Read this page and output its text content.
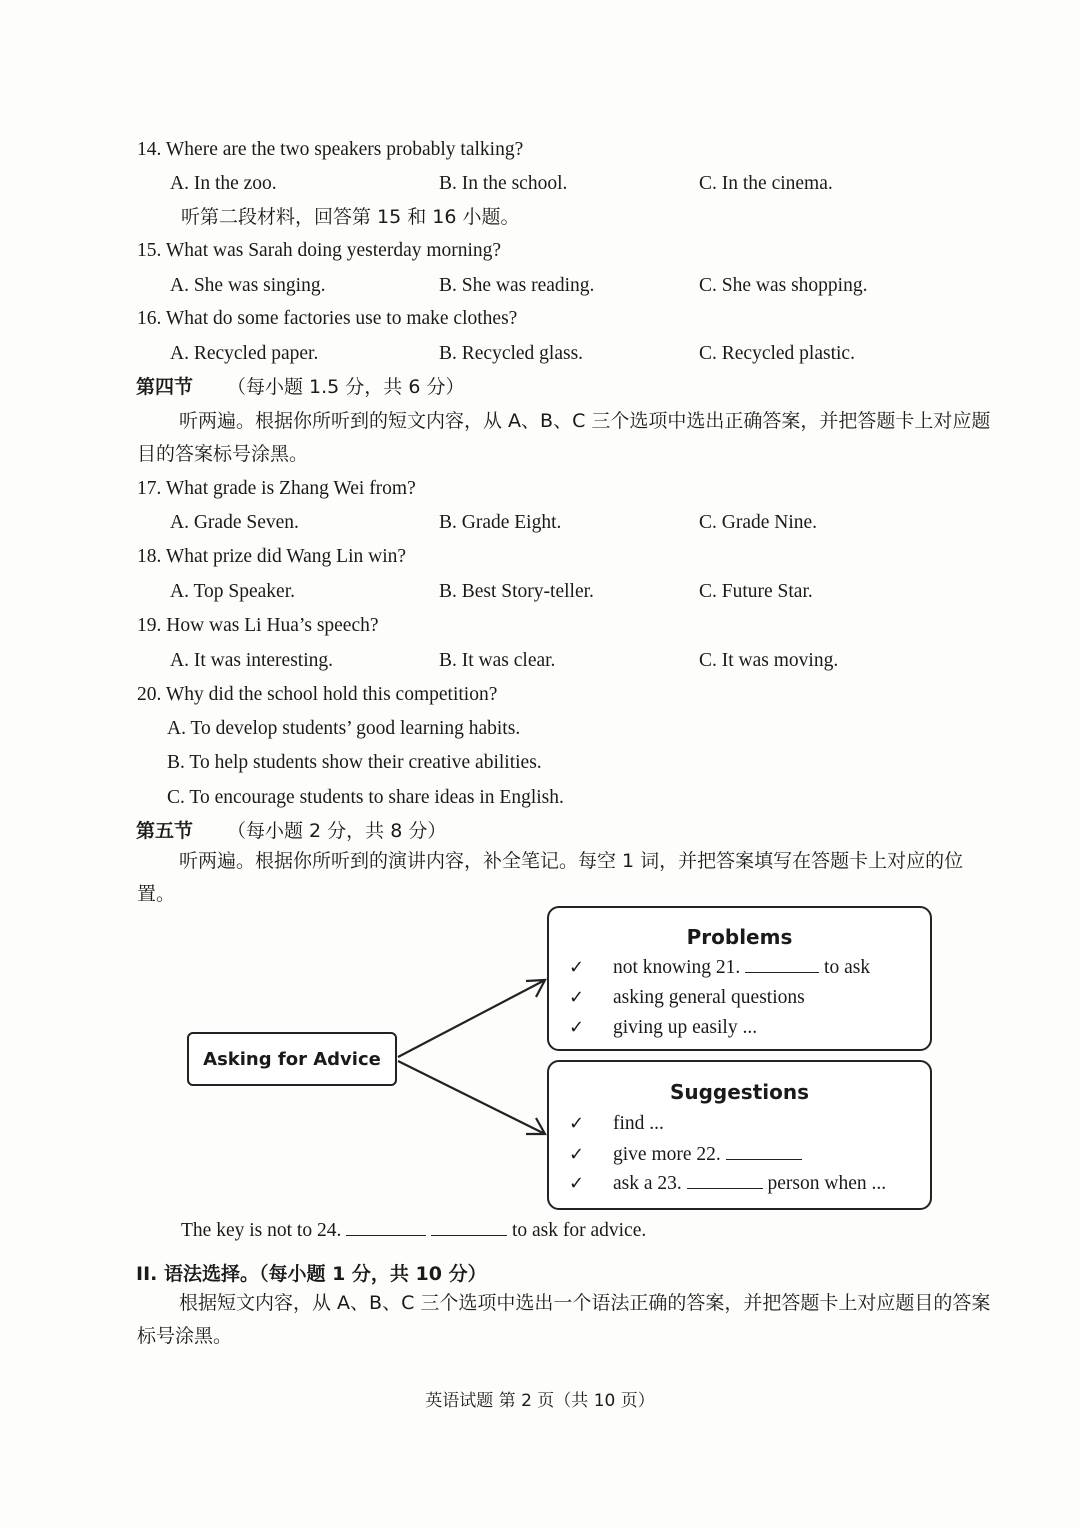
14. Where are the two speakers probably talking?
A. In the zoo.	B. In the school.	C. In the cinema.
听第二段材料，回答第 15 和 16 小题。
15. What was Sarah doing yesterday morning?
A. She was singing.	B. She was reading.	C. She was shopping.
16. What do some factories use to make clothes?
A. Recycled paper.	B. Recycled glass.	C. Recycled plastic.
第四节 （每小题 1.5 分，共 6 分）
听两遍。根据你所听到的短文内容，从 A、B、C 三个选项中选出正确答案，并把答题卡上对应题目的答案标号涂黑。
17. What grade is Zhang Wei from?
A. Grade Seven.	B. Grade Eight.	C. Grade Nine.
18. What prize did Wang Lin win?
A. Top Speaker.	B. Best Story-teller.	C. Future Star.
19. How was Li Hua’s speech?
A. It was interesting.	B. It was clear.	C. It was moving.
20. Why did the school hold this competition?
A. To develop students’ good learning habits.
B. To help students show their creative abilities.
C. To encourage students to share ideas in English.
第五节 （每小题 2 分，共 8 分）
听两遍。根据你所听到的演讲内容，补全笔记。每空 1 词，并把答案填写在答题卡上对应的位置。
Asking for Advice
Problems
✓ not knowing 21.	to ask
✓ asking general questions
✓ giving up easily ...
Suggestions
✓ find ...
✓ give more 22.
✓ ask a 23.	person when ...
The key is not to 24.	to ask for advice.
II. 语法选择。（每小题 1 分，共 10 分）
根据短文内容，从 A、B、C 三个选项中选出一个语法正确的答案，并把答题卡上对应题目的答案标号涂黑。
英语试题 第 2 页（共 10 页）
